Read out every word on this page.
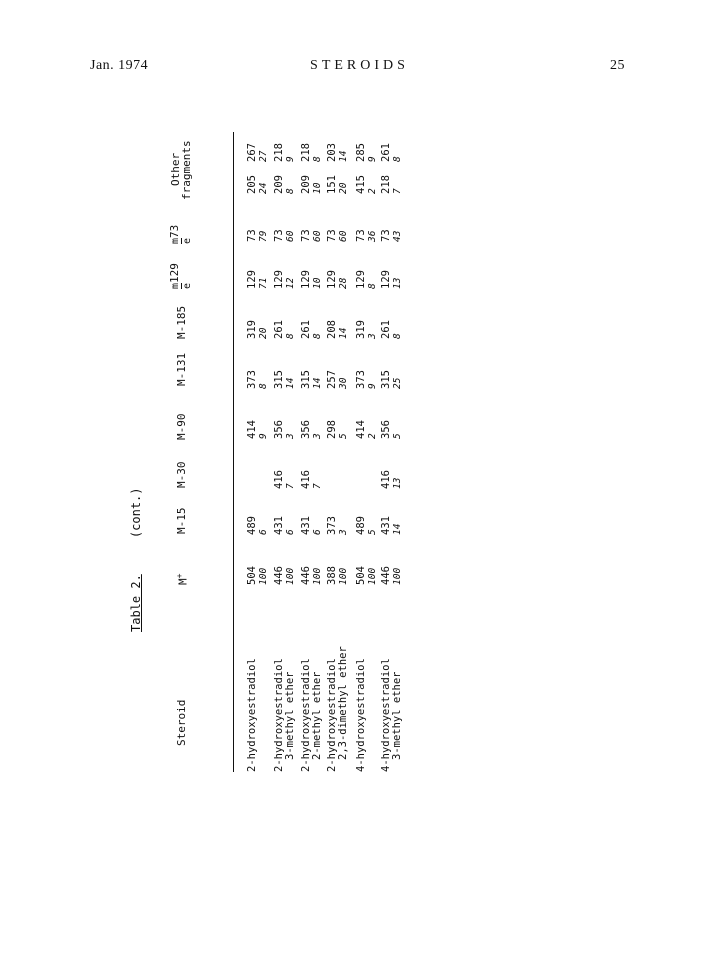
Jan. 1974	STEROIDS	25
Table 2.     (cont.)
Steroid
M+
M-15
M-30
M-90
M-131
M-185
m129
e
m73
e
Other
fragments
2-hydroxyestradiol
504 100
489 6
414 9
373 8
319 20
129 71
73 79
205 24
267 27
2-hydroxyestradiol 3-methyl ether
446 100
431 6
416 7
356 3
315 14
261 8
129 12
73 60
209 8
218 9
2-hydroxyestradiol 2-methyl ether
446 100
431 6
416 7
356 3
315 14
261 8
129 10
73 60
209 10
218 8
2-hydroxyestradiol 2,3-dimethyl ether
388 100
373 3
298 5
257 30
208 14
129 28
73 60
151 20
203 14
4-hydroxyestradiol
504 100
489 5
414 2
373 9
319 3
129 8
73 36
415 2
285 9
4-hydroxyestradiol 3-methyl ether
446 100
431 14
416 13
356 5
315 25
261 8
129 13
73 43
218 7
261 8
